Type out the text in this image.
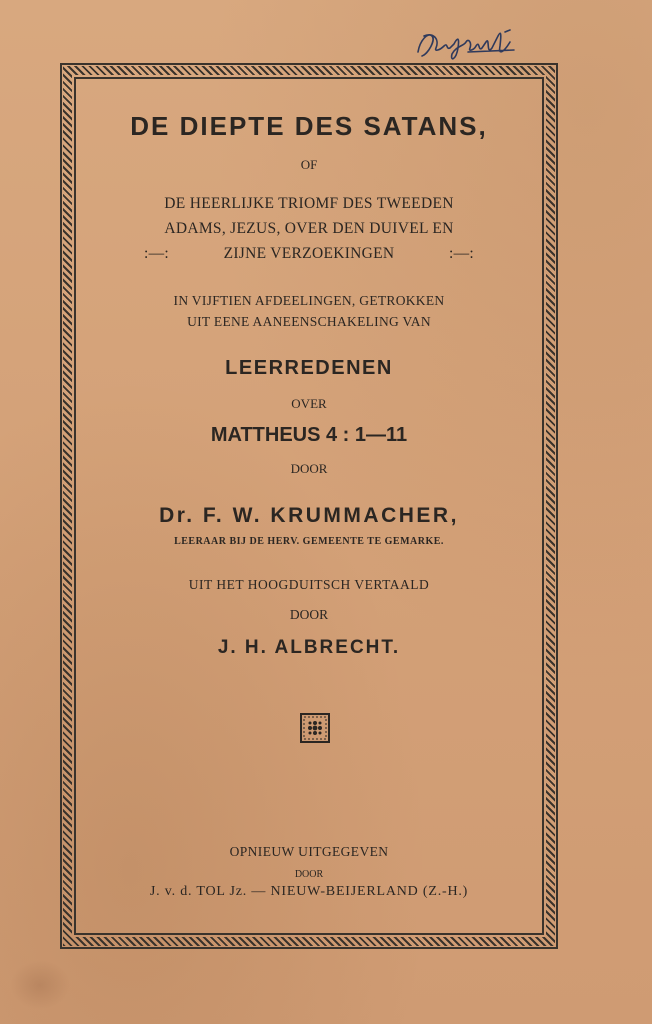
DE DIEPTE DES SATANS,
OF
DE HEERLIJKE TRIOMF DES TWEEDEN
ADAMS, JEZUS, OVER DEN DUIVEL EN
:—:	ZIJNE VERZOEKINGEN	:—:
IN VIJFTIEN AFDEELINGEN, GETROKKEN
UIT EENE AANEENSCHAKELING VAN
LEERREDENEN
OVER
MATTHEUS 4 : 1—11
DOOR
Dr. F. W. KRUMMACHER,
LEERAAR BIJ DE HERV. GEMEENTE TE GEMARKE.
UIT HET HOOGDUITSCH VERTAALD
DOOR
J. H. ALBRECHT.
OPNIEUW UITGEGEVEN
DOOR
J. v. d. TOL Jz. — NIEUW-BEIJERLAND (Z.-H.)
